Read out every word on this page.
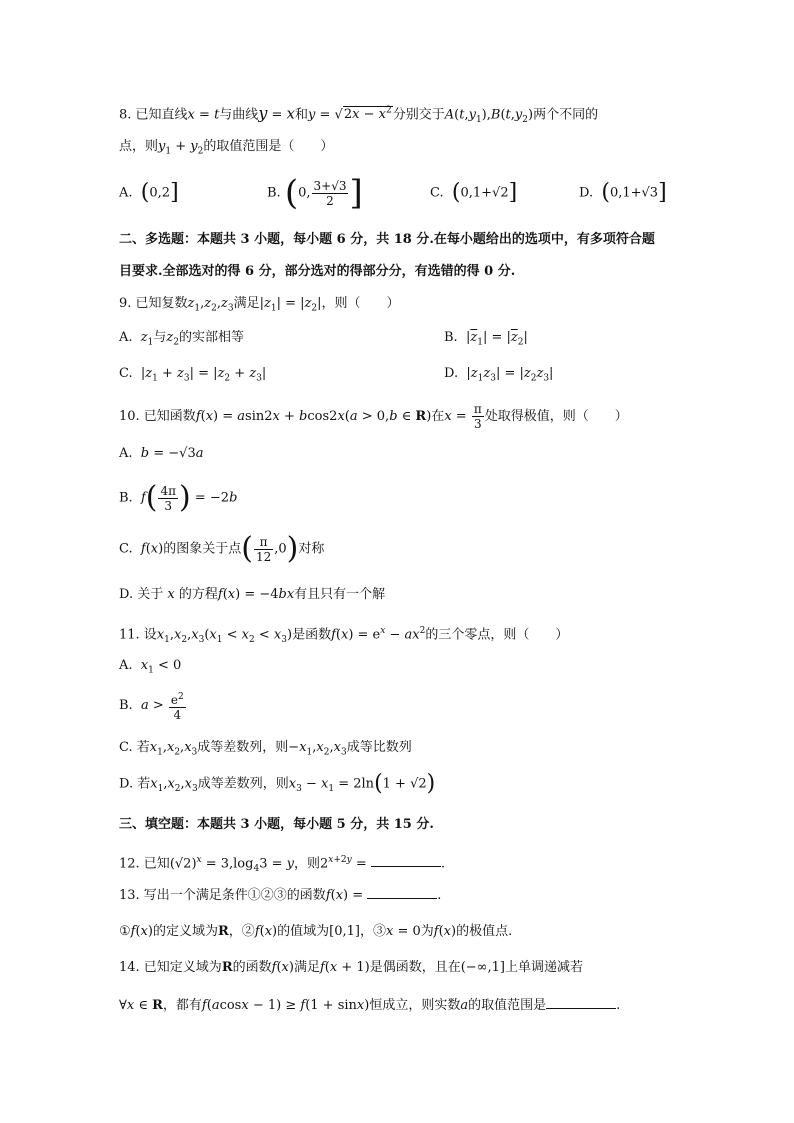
8. 已知直线x = t与曲线y = x和$y = √2x - x^2$分别交于$A(t,y_1),B(t,y_2)$两个不同的
点，则$y_1 + y_2$的取值范围是（　　）
A. (0,2]	B. (0, $\frac{3+√3}{2}$ ]	C. (0,1+√2]	D. (0,1+√3]
二、多选题：本题共 3 小题，每小题 6 分，共 18 分.在每小题给出的选项中，有多项符合题
目要求.全部选对的得 6 分，部分选对的得部分分，有选错的得 0 分.
9. 已知复数$z_1,z_2,z_3$满足$|z_1| = |z_2|$，则（　　）
A. $z_1$与$z_2$的实部相等	B.  $|\overline{z}_1| = |\overline{z}_2|$
C.  $|z_1 + z_3| = |z_2 + z_3|$	D.  $|z_1z_3| = |z_2z_3|$
10. 已知函数f(x) = asin2x + bcos2x(a > 0,b ∈ R)在$x = \frac{\pi}{3}$ 处取得极值，则（　　）
A. b = −√3a
B. $f( \frac{4\pi}{3}$ ) = −2b
C. f(x)的图象关于点( $\frac{\pi}{12} ,0$)对称
D. 关于 x 的方程f(x) = −4bx有且只有一个解
11. 设$x_1,x_2,x_3(x_1 < x_2 < x_3)$是函数$f(x) = e^x - ax^2$的三个零点，则（　　）
A. $x_1 < 0$
B. $a > \frac{e^2}{4}$
C. 若$x_1,x_2,x_3$成等差数列，则$-x_1,x_2,x_3$成等比数列
D. 若$x_1,x_2,x_3$成等差数列，则$x_3 - x_1 = 2\ln(1 + √2)$
三、填空题：本题共 3 小题，每小题 5 分，共 15 分.
12. 已知$(√2)^x = 3,\log_43 = y$，则$2^{x+2y}$ =	.
13. 写出一个满足条件①②③的函数f(x) =	.
①f(x)的定义域为R，②f(x)的值域为[0,1]，③x = 0为f(x)的极值点.
14. 已知定义域为R的函数f(x)满足f(x + 1)是偶函数，且在(−∞,1]上单调递减若
∀x ∈ R，都有f(acosx − 1) ≥ f(1 + sinx)恒成立，则实数a的取值范围是	.
